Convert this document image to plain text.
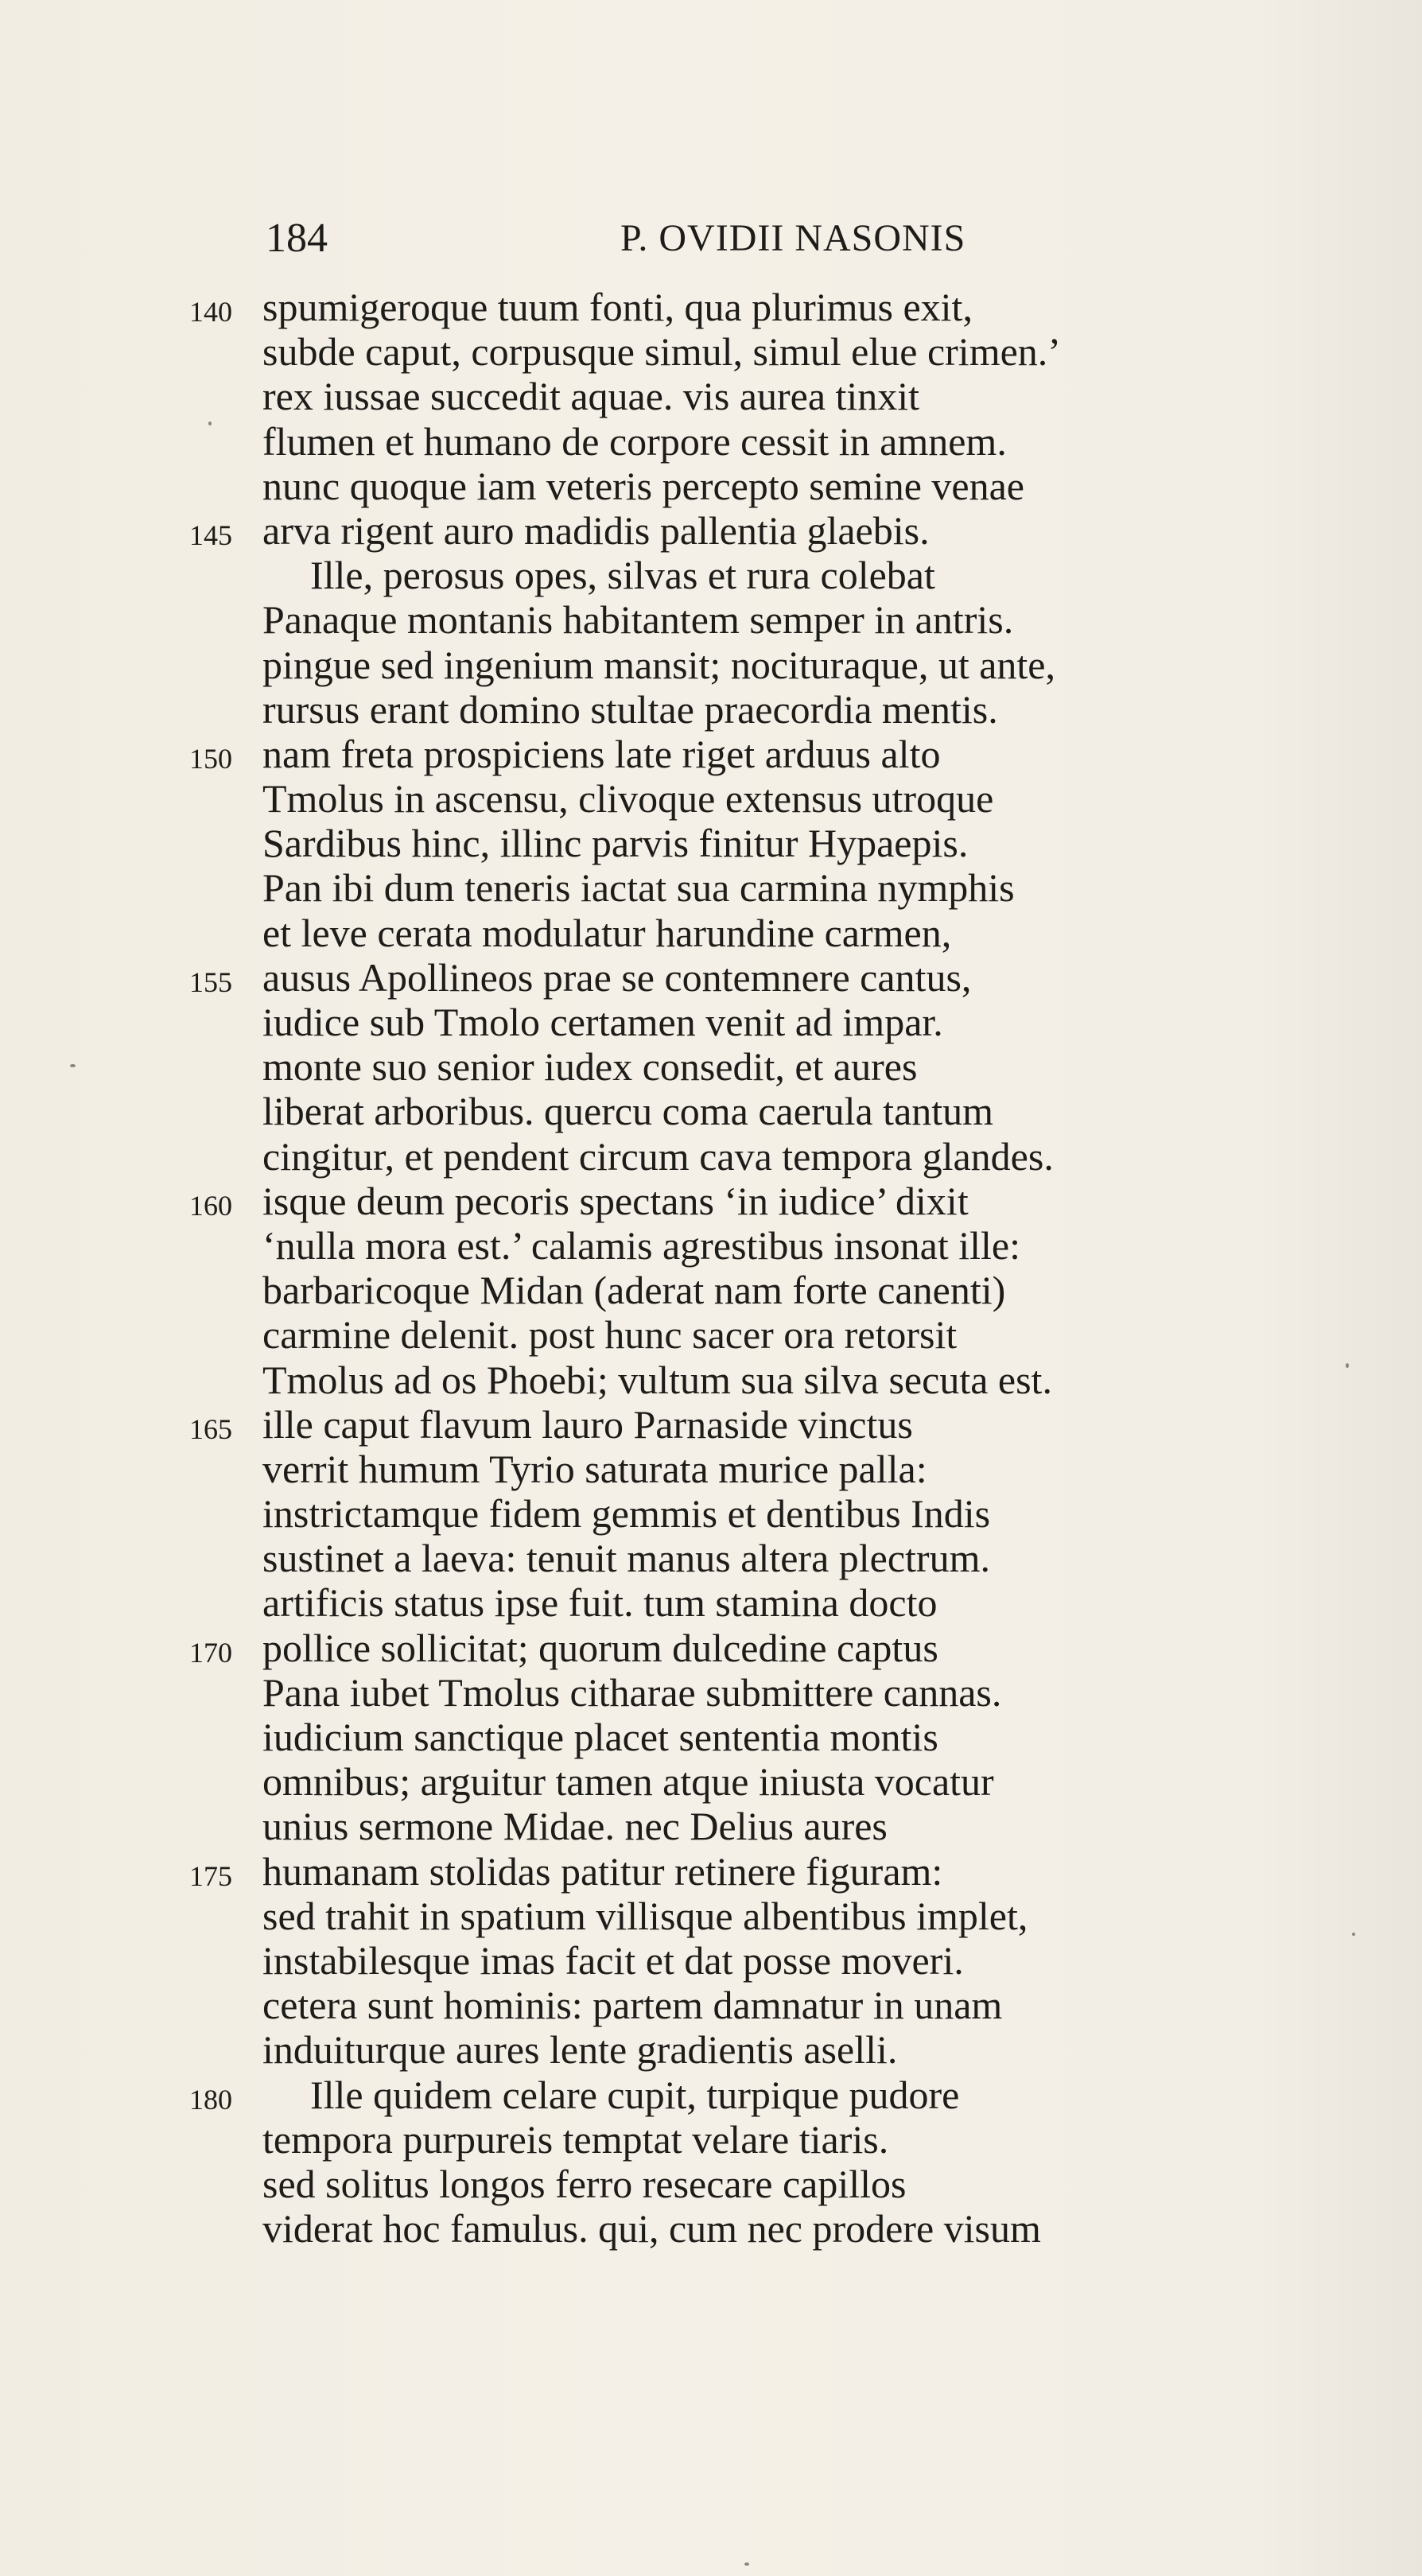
184	P. OVIDII NASONIS
140 spumigeroque tuum fonti, qua plurimus exit,
subde caput, corpusque simul, simul elue crimen.’
rex iussae succedit aquae. vis aurea tinxit
flumen et humano de corpore cessit in amnem.
nunc quoque iam veteris percepto semine venae
145 arva rigent auro madidis pallentia glaebis.
Ille, perosus opes, silvas et rura colebat
Panaque montanis habitantem semper in antris.
pingue sed ingenium mansit; nocituraque, ut ante,
rursus erant domino stultae praecordia mentis.
150 nam freta prospiciens late riget arduus alto
Tmolus in ascensu, clivoque extensus utroque
Sardibus hinc, illinc parvis finitur Hypaepis.
Pan ibi dum teneris iactat sua carmina nymphis
et leve cerata modulatur harundine carmen,
155 ausus Apollineos prae se contemnere cantus,
iudice sub Tmolo certamen venit ad impar.
monte suo senior iudex consedit, et aures
liberat arboribus. quercu coma caerula tantum
cingitur, et pendent circum cava tempora glandes.
160 isque deum pecoris spectans ‘in iudice’ dixit
‘nulla mora est.’ calamis agrestibus insonat ille:
barbaricoque Midan (aderat nam forte canenti)
carmine delenit. post hunc sacer ora retorsit
Tmolus ad os Phoebi; vultum sua silva secuta est.
165 ille caput flavum lauro Parnaside vinctus
verrit humum Tyrio saturata murice palla:
instrictamque fidem gemmis et dentibus Indis
sustinet a laeva: tenuit manus altera plectrum.
artificis status ipse fuit. tum stamina docto
170 pollice sollicitat; quorum dulcedine captus
Pana iubet Tmolus citharae submittere cannas.
iudicium sanctique placet sententia montis
omnibus; arguitur tamen atque iniusta vocatur
unius sermone Midae. nec Delius aures
175 humanam stolidas patitur retinere figuram:
sed trahit in spatium villisque albentibus implet,
instabilesque imas facit et dat posse moveri.
cetera sunt hominis: partem damnatur in unam
induiturque aures lente gradientis aselli.
180 Ille quidem celare cupit, turpique pudore
tempora purpureis temptat velare tiaris.
sed solitus longos ferro resecare capillos
viderat hoc famulus. qui, cum nec prodere visum
